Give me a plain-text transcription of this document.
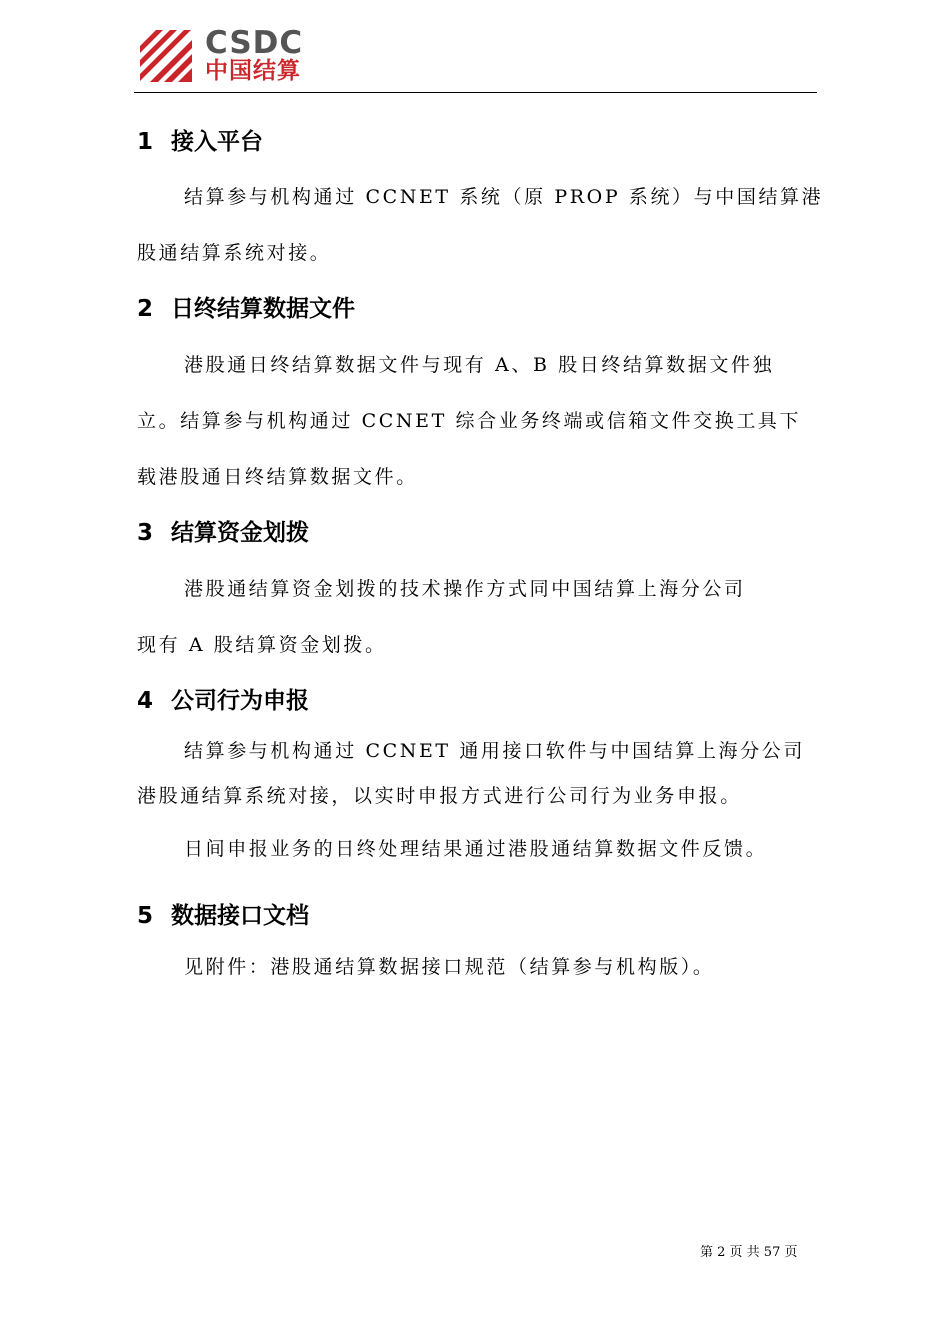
CSDC
中国结算
1 接入平台

结算参与机构通过 CCNET 系统（原 PROP 系统）与中国结算港

股通结算系统对接。

2 日终结算数据文件

港股通日终结算数据文件与现有 A、B 股日终结算数据文件独

立。结算参与机构通过 CCNET 综合业务终端或信箱文件交换工具下

载港股通日终结算数据文件。

3 结算资金划拨

港股通结算资金划拨的技术操作方式同中国结算上海分公司

现有 A 股结算资金划拨。

4 公司行为申报

结算参与机构通过 CCNET 通用接口软件与中国结算上海分公司

港股通结算系统对接，以实时申报方式进行公司行为业务申报。

日间申报业务的日终处理结果通过港股通结算数据文件反馈。

5 数据接口文档

见附件：港股通结算数据接口规范（结算参与机构版）。

第 2 页 共 57 页
